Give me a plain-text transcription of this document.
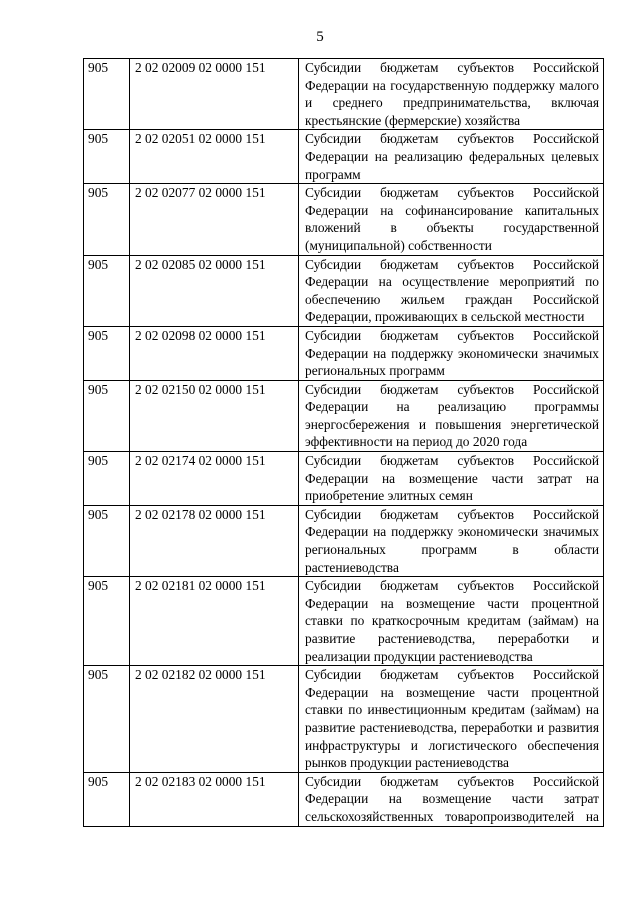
5
905	2 02 02009 02 0000 151	Субсидии бюджетам субъектов Российской Федерации на государственную поддержку малого и среднего предпринимательства, включая крестьянские (фермерские) хозяйства
905	2 02 02051 02 0000 151	Субсидии бюджетам субъектов Российской Федерации на реализацию федеральных целевых программ
905	2 02 02077 02 0000 151	Субсидии бюджетам субъектов Российской Федерации на софинансирование капитальных вложений в объекты государственной (муниципальной) собственности
905	2 02 02085 02 0000 151	Субсидии бюджетам субъектов Российской Федерации на осуществление мероприятий по обеспечению жильем граждан Российской Федерации, проживающих в сельской местности
905	2 02 02098 02 0000 151	Субсидии бюджетам субъектов Российской Федерации на поддержку экономически значимых региональных программ
905	2 02 02150 02 0000 151	Субсидии бюджетам субъектов Российской Федерации на реализацию программы энергосбережения и повышения энергетической эффективности на период до 2020 года
905	2 02 02174 02 0000 151	Субсидии бюджетам субъектов Российской Федерации на возмещение части затрат на приобретение элитных семян
905	2 02 02178 02 0000 151	Субсидии бюджетам субъектов Российской Федерации на поддержку экономически значимых региональных программ в области растениеводства
905	2 02 02181 02 0000 151	Субсидии бюджетам субъектов Российской Федерации на возмещение части процентной ставки по краткосрочным кредитам (займам) на развитие растениеводства, переработки и реализации продукции растениеводства
905	2 02 02182 02 0000 151	Субсидии бюджетам субъектов Российской Федерации на возмещение части процентной ставки по инвестиционным кредитам (займам) на развитие растениеводства, переработки и развития инфраструктуры и логистического обеспечения рынков продукции растениеводства
905	2 02 02183 02 0000 151	Субсидии бюджетам субъектов Российской Федерации на возмещение части затрат сельскохозяйственных товаропроизводителей на
